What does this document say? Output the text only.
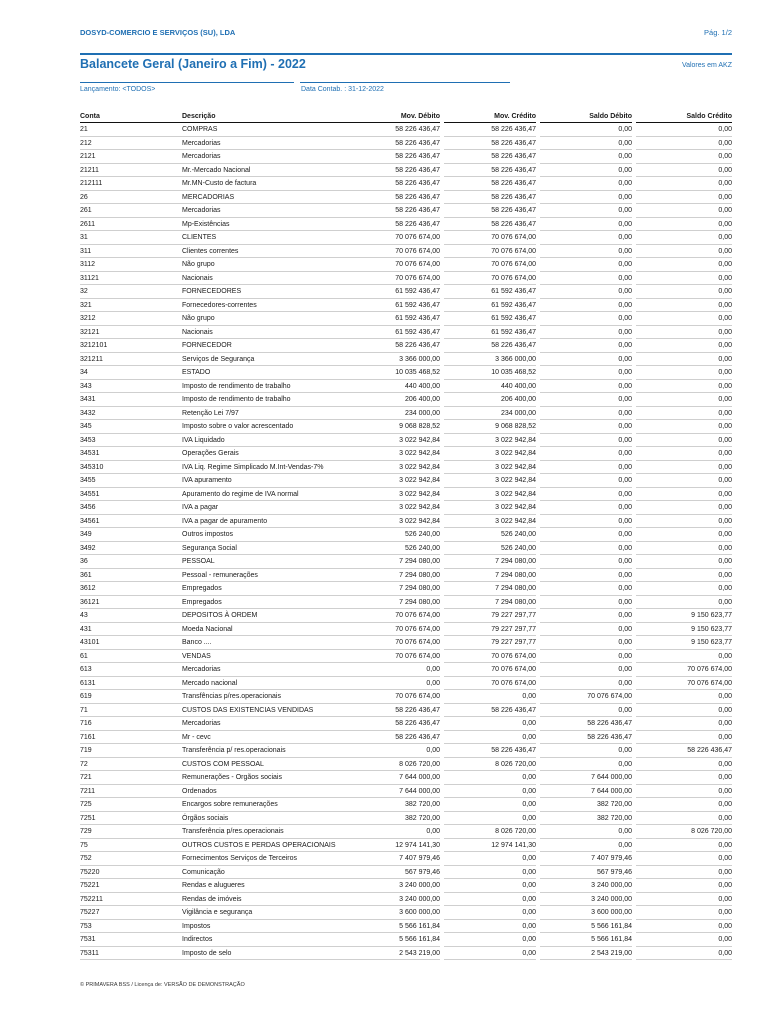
DOSYD-COMERCIO E SERVIÇOS (SU), LDA	Pág. 1/2
Balancete Geral (Janeiro a Fim) - 2022	Valores em AKZ
Lançamento: <TODOS>	Data Contab. : 31-12-2022
Conta	Descrição	Mov. Débito	Mov. Crédito	Saldo Débito	Saldo Crédito
21	COMPRAS	58 226 436,47	58 226 436,47	0,00	0,00
212	Mercadorias	58 226 436,47	58 226 436,47	0,00	0,00
2121	Mercadorias	58 226 436,47	58 226 436,47	0,00	0,00
21211	Mr.-Mercado Nacional	58 226 436,47	58 226 436,47	0,00	0,00
212111	Mr.MN-Custo de factura	58 226 436,47	58 226 436,47	0,00	0,00
26	MERCADORIAS	58 226 436,47	58 226 436,47	0,00	0,00
261	Mercadorias	58 226 436,47	58 226 436,47	0,00	0,00
2611	Mp-Existências	58 226 436,47	58 226 436,47	0,00	0,00
31	CLIENTES	70 076 674,00	70 076 674,00	0,00	0,00
311	Clientes correntes	70 076 674,00	70 076 674,00	0,00	0,00
3112	Não grupo	70 076 674,00	70 076 674,00	0,00	0,00
31121	Nacionais	70 076 674,00	70 076 674,00	0,00	0,00
32	FORNECEDORES	61 592 436,47	61 592 436,47	0,00	0,00
321	Fornecedores-correntes	61 592 436,47	61 592 436,47	0,00	0,00
3212	Não grupo	61 592 436,47	61 592 436,47	0,00	0,00
32121	Nacionais	61 592 436,47	61 592 436,47	0,00	0,00
3212101	FORNECEDOR	58 226 436,47	58 226 436,47	0,00	0,00
321211	Serviços de Segurança	3 366 000,00	3 366 000,00	0,00	0,00
34	ESTADO	10 035 468,52	10 035 468,52	0,00	0,00
343	Imposto de rendimento de trabalho	440 400,00	440 400,00	0,00	0,00
3431	Imposto de rendimento de trabalho	206 400,00	206 400,00	0,00	0,00
3432	Retenção Lei 7/97	234 000,00	234 000,00	0,00	0,00
345	Imposto sobre o valor acrescentado	9 068 828,52	9 068 828,52	0,00	0,00
3453	IVA Liquidado	3 022 942,84	3 022 942,84	0,00	0,00
34531	Operações Gerais	3 022 942,84	3 022 942,84	0,00	0,00
345310	IVA Liq. Regime Simplicado M.Int-Vendas-7%	3 022 942,84	3 022 942,84	0,00	0,00
3455	IVA apuramento	3 022 942,84	3 022 942,84	0,00	0,00
34551	Apuramento do regime de IVA normal	3 022 942,84	3 022 942,84	0,00	0,00
3456	IVA a pagar	3 022 942,84	3 022 942,84	0,00	0,00
34561	IVA a pagar de apuramento	3 022 942,84	3 022 942,84	0,00	0,00
349	Outros impostos	526 240,00	526 240,00	0,00	0,00
3492	Segurança Social	526 240,00	526 240,00	0,00	0,00
36	PESSOAL	7 294 080,00	7 294 080,00	0,00	0,00
361	Pessoal - remunerações	7 294 080,00	7 294 080,00	0,00	0,00
3612	Empregados	7 294 080,00	7 294 080,00	0,00	0,00
36121	Empregados	7 294 080,00	7 294 080,00	0,00	0,00
43	DEPOSITOS À ORDEM	70 076 674,00	79 227 297,77	0,00	9 150 623,77
431	Moeda Nacional	70 076 674,00	79 227 297,77	0,00	9 150 623,77
43101	Banco ....	70 076 674,00	79 227 297,77	0,00	9 150 623,77
61	VENDAS	70 076 674,00	70 076 674,00	0,00	0,00
613	Mercadorias	0,00	70 076 674,00	0,00	70 076 674,00
6131	Mercado nacional	0,00	70 076 674,00	0,00	70 076 674,00
619	Transfências p/res.operacionais	70 076 674,00	0,00	70 076 674,00	0,00
71	CUSTOS DAS EXISTENCIAS VENDIDAS	58 226 436,47	58 226 436,47	0,00	0,00
716	Mercadorias	58 226 436,47	0,00	58 226 436,47	0,00
7161	Mr - cevc	58 226 436,47	0,00	58 226 436,47	0,00
719	Transferência p/ res.operacionais	0,00	58 226 436,47	0,00	58 226 436,47
72	CUSTOS COM PESSOAL	8 026 720,00	8 026 720,00	0,00	0,00
721	Remunerações - Orgãos sociais	7 644 000,00	0,00	7 644 000,00	0,00
7211	Ordenados	7 644 000,00	0,00	7 644 000,00	0,00
725	Encargos sobre remunerações	382 720,00	0,00	382 720,00	0,00
7251	Órgãos sociais	382 720,00	0,00	382 720,00	0,00
729	Transferência p/res.operacionais	0,00	8 026 720,00	0,00	8 026 720,00
75	OUTROS CUSTOS E PERDAS OPERACIONAIS	12 974 141,30	12 974 141,30	0,00	0,00
752	Fornecimentos Serviços de Terceiros	7 407 979,46	0,00	7 407 979,46	0,00
75220	Comunicação	567 979,46	0,00	567 979,46	0,00
75221	Rendas e alugueres	3 240 000,00	0,00	3 240 000,00	0,00
752211	Rendas de imóveis	3 240 000,00	0,00	3 240 000,00	0,00
75227	Vigilância e segurança	3 600 000,00	0,00	3 600 000,00	0,00
753	Impostos	5 566 161,84	0,00	5 566 161,84	0,00
7531	Indirectos	5 566 161,84	0,00	5 566 161,84	0,00
75311	Imposto de selo	2 543 219,00	0,00	2 543 219,00	0,00
© PRIMAVERA BSS / Licença de: VERSÃO DE DEMONSTRAÇÃO
